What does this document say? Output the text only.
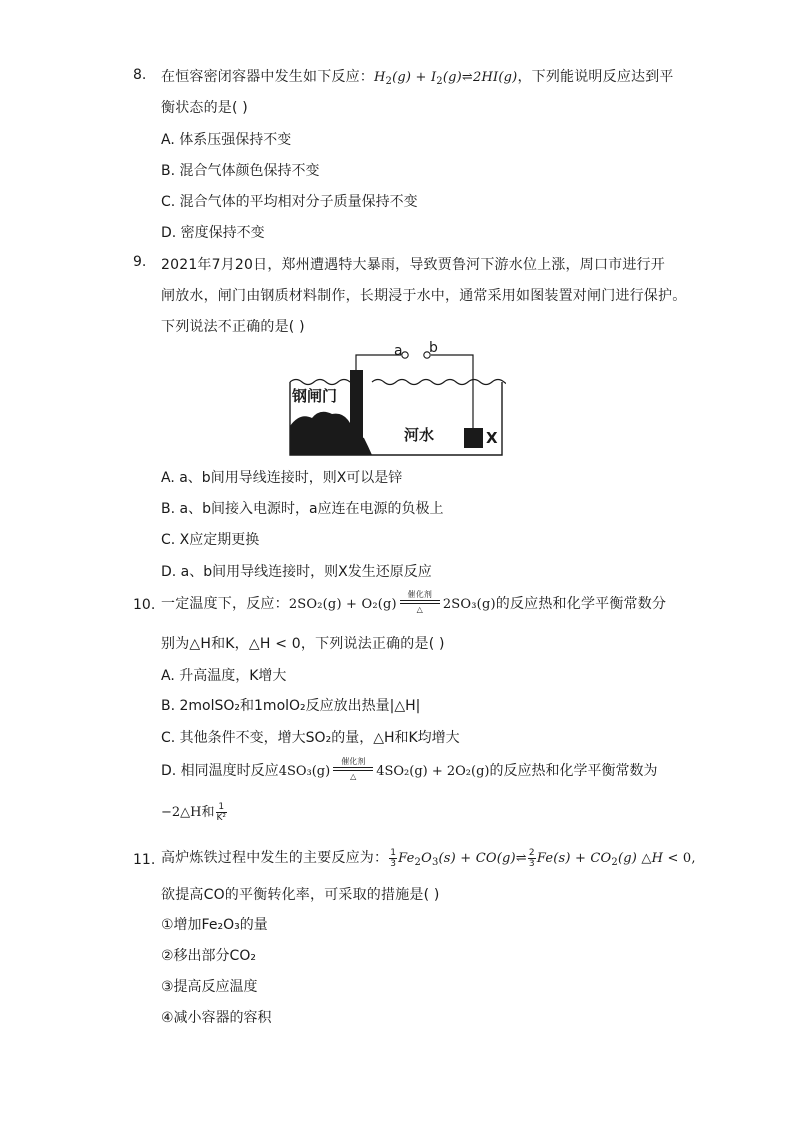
8. 在恒容密闭容器中发生如下反应：$H_2(g)$ + $I_2(g)\rightleftharpoons 2HI(g)$，下列能说明反应达到平
衡状态的是( )
A. 体系压强保持不变
B. 混合气体颜色保持不变
C. 混合气体的平均相对分子质量保持不变
D. 密度保持不变
9. 2021年7月20日，郑州遭遇特大暴雨，导致贾鲁河下游水位上涨，周口市进行开
闸放水，闸门由钢质材料制作，长期浸于水中，通常采用如图装置对闸门进行保护。
下列说法不正确的是( )
a b
钢闸门
河水	X
A. a、b间用导线连接时，则X可以是锌
B. a、b间接入电源时，a应连在电源的负极上
C. X应定期更换
D. a、b间用导线连接时，则X发生还原反应
10. 一定温度下，反应：2SO₂(g) + O₂(g)
催化剂
△	2SO₃(g)的反应热和化学平衡常数分
别为△H和K，△H < 0，下列说法正确的是( )
A. 升高温度，K增大
B. 2molSO₂和1molO₂反应放出热量|△H|
C. 其他条件不变，增大SO₂的量，△H和K均增大
D. 相同温度时反应4SO₃(g)
催化剂
△	4SO₂(g) + 2O₂(g)的反应热和化学平衡常数为
−2△H和 $\frac{1}{\text{K²}}$
11. 高炉炼铁过程中发生的主要反应为： $\frac{1}{3} Fe_2O_3(s)$ + CO(g)⇌ $\frac{2}{3} Fe(s) + CO_2(g)$ △H < 0,
欲提高CO的平衡转化率，可采取的措施是( )
①增加Fe₂O₃的量
②移出部分CO₂
③提高反应温度
④减小容器的容积
